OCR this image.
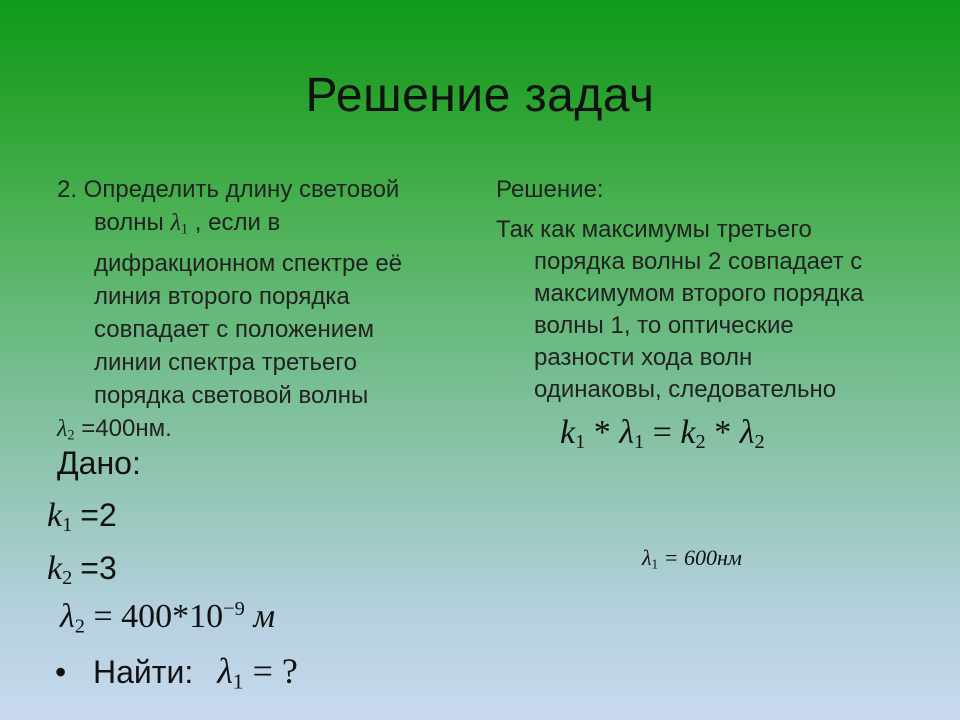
Решение задач
2. Определить длину световой
волны $\lambda_1$ , если в
дифракционном спектре её
линия второго порядка
совпадает с положением
линии спектра третьего
порядка световой волны
$\lambda_2 =400нм$.
Дано:
$k_1 =2$
$k_2 =3$
$\lambda_2 = 400*10^{-9}$ м
• Найти: $\lambda_1$ = ?
Решение:
Так как максимумы третьего
порядка волны 2 совпадает с
максимумом второго порядка
волны 1, то оптические
разности хода волн
одинаковы, следовательно
$k_1 * \lambda_1 = k_2 * \lambda_2$
$\lambda_1 = 600нм$
